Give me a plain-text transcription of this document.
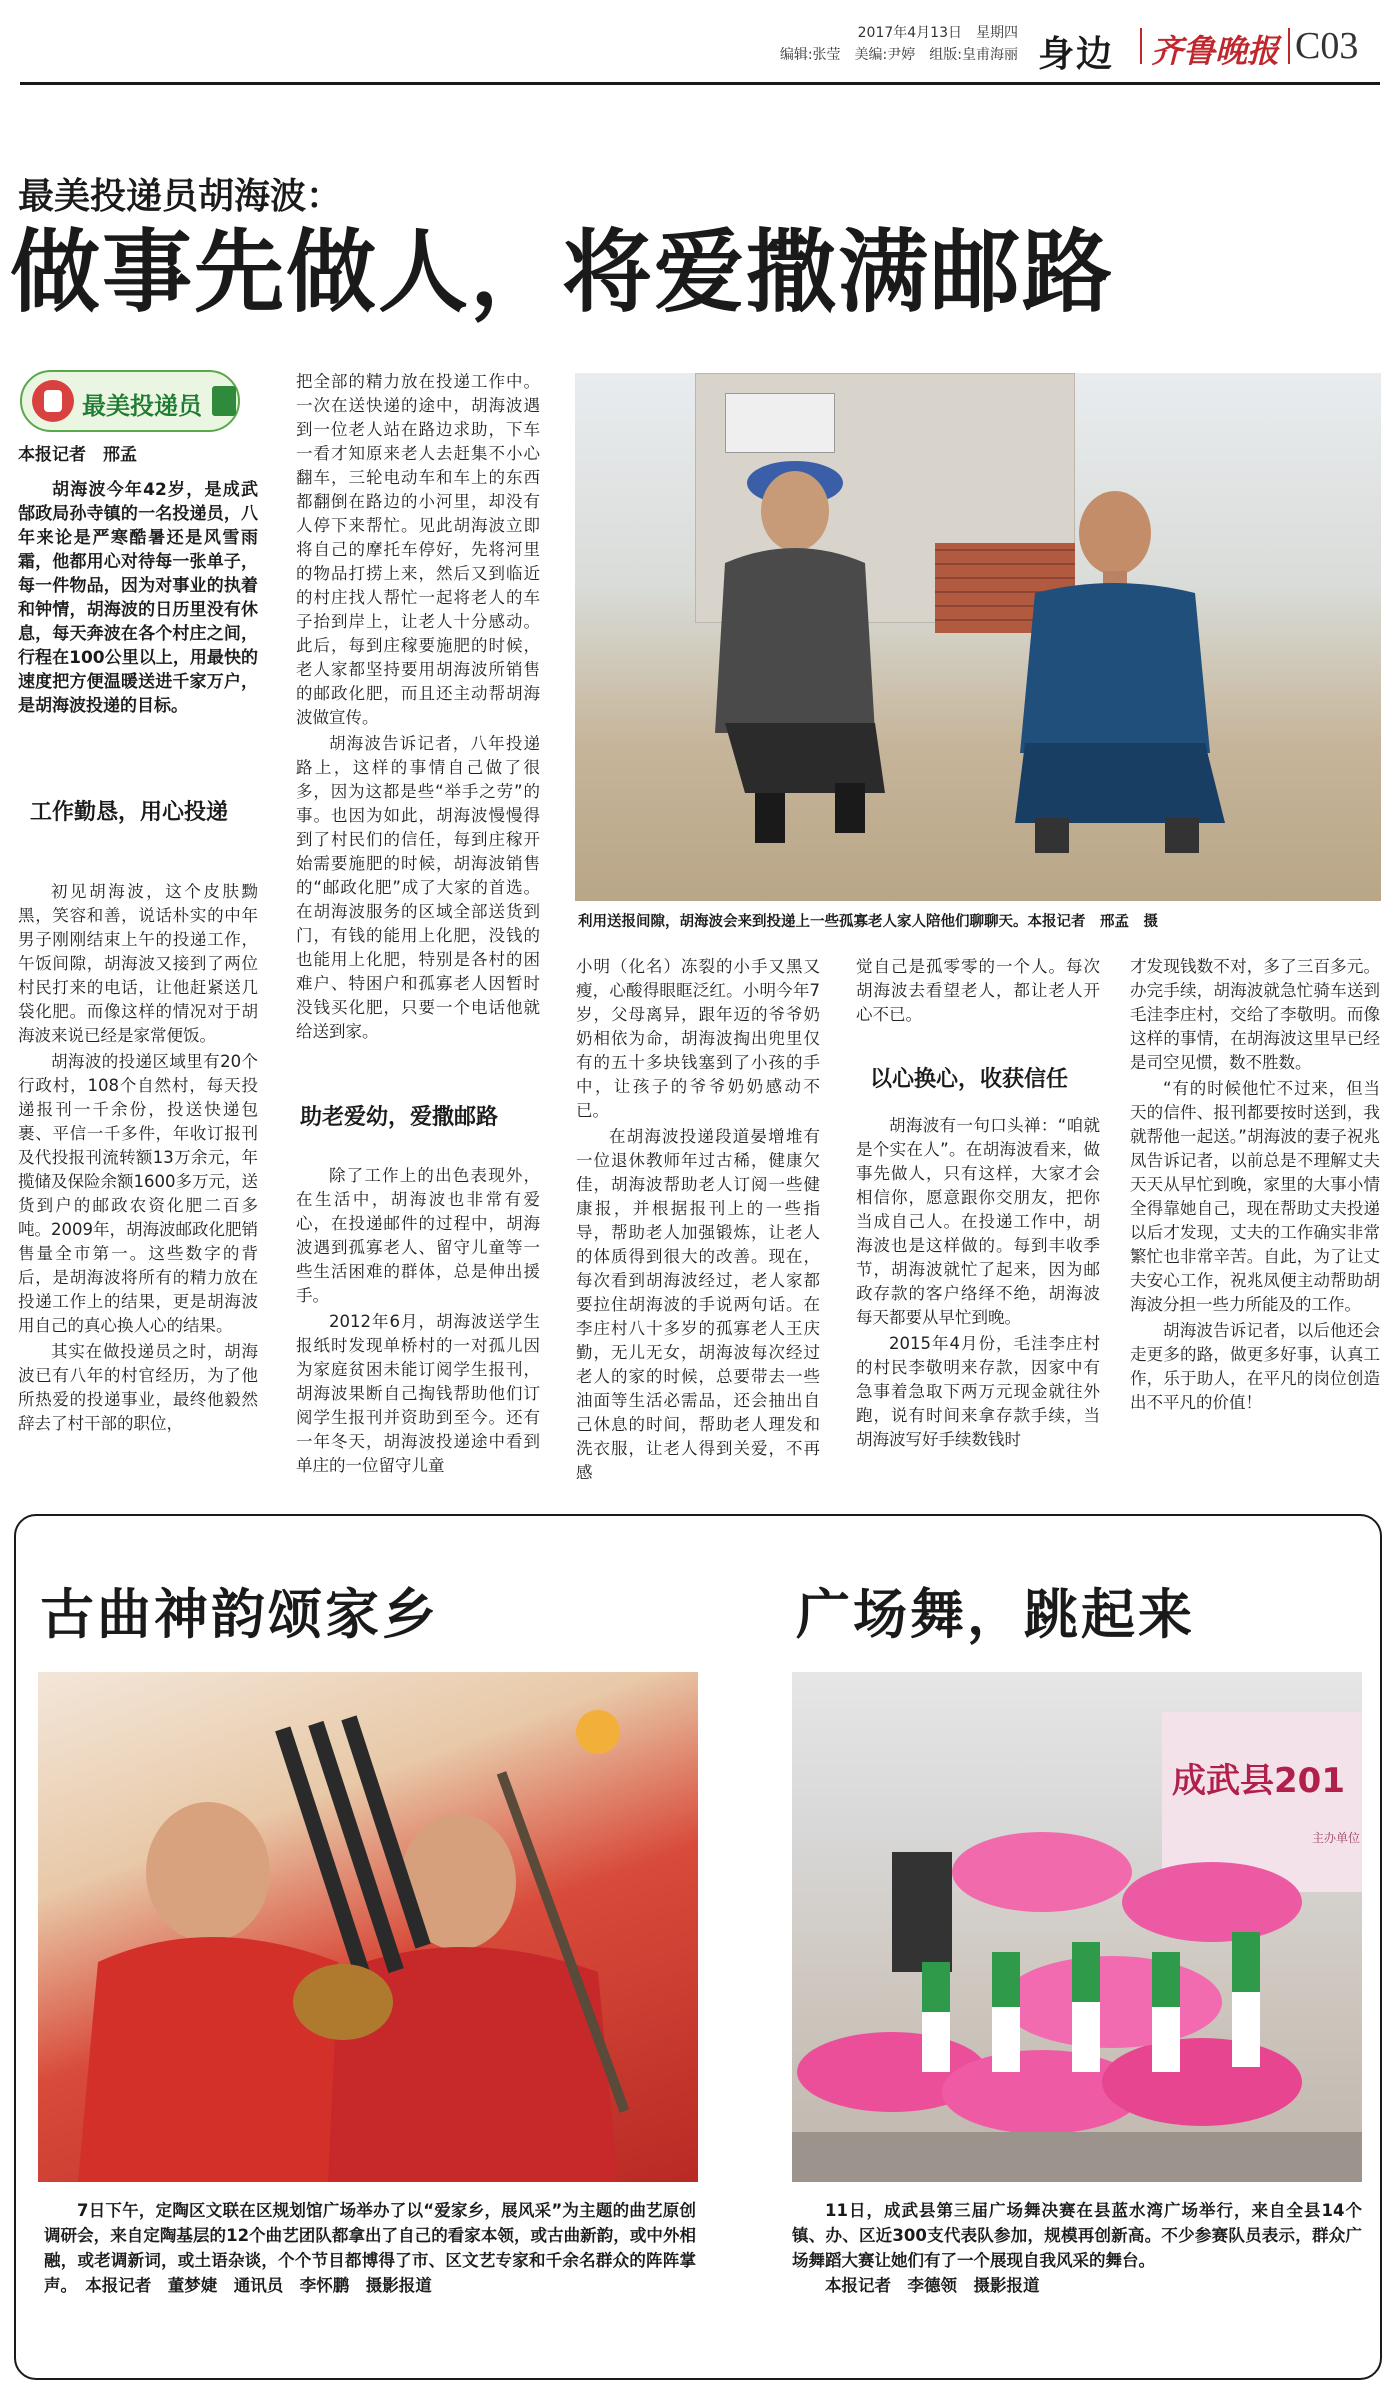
2017年4月13日　星期四
编辑:张莹　美编:尹婷　组版:皇甫海丽 身边 齐鲁晚报 C03
最美投递员胡海波：
做事先做人，将爱撒满邮路
最美投递员
本报记者　邢孟

胡海波今年42岁，是成武郜政局孙寺镇的一名投递员，八年来论是严寒酷暑还是风雪雨霜，他都用心对待每一张单子，每一件物品，因为对事业的执着和钟情，胡海波的日历里没有休息，每天奔波在各个村庄之间，行程在100公里以上，用最快的速度把方便温暖送进千家万户，是胡海波投递的目标。

工作勤恳，用心投递

初见胡海波，这个皮肤黝黑，笑容和善，说话朴实的中年男子刚刚结束上午的投递工作，午饭间隙，胡海波又接到了两位村民打来的电话，让他赶紧送几袋化肥。而像这样的情况对于胡海波来说已经是家常便饭。

胡海波的投递区域里有20个行政村，108个自然村，每天投递报刊一千余份，投送快递包裹、平信一千多件，年收订报刊及代投报刊流转额13万余元，年揽储及保险余额1600多万元，送货到户的邮政农资化肥二百多吨。2009年，胡海波邮政化肥销售量全市第一。这些数字的背后，是胡海波将所有的精力放在投递工作上的结果，更是胡海波用自己的真心换人心的结果。

其实在做投递员之时，胡海波已有八年的村官经历，为了他所热爱的投递事业，最终他毅然辞去了村干部的职位，

把全部的精力放在投递工作中。一次在送快递的途中，胡海波遇到一位老人站在路边求助，下车一看才知原来老人去赶集不小心翻车，三轮电动车和车上的东西都翻倒在路边的小河里，却没有人停下来帮忙。见此胡海波立即将自己的摩托车停好，先将河里的物品打捞上来，然后又到临近的村庄找人帮忙一起将老人的车子抬到岸上，让老人十分感动。此后，每到庄稼要施肥的时候，老人家都坚持要用胡海波所销售的邮政化肥，而且还主动帮胡海波做宣传。

胡海波告诉记者，八年投递路上，这样的事情自己做了很多，因为这都是些“举手之劳”的事。也因为如此，胡海波慢慢得到了村民们的信任，每到庄稼开始需要施肥的时候，胡海波销售的“邮政化肥”成了大家的首选。在胡海波服务的区域全部送货到门，有钱的能用上化肥，没钱的也能用上化肥，特别是各村的困难户、特困户和孤寡老人因暂时没钱买化肥，只要一个电话他就给送到家。

助老爱幼，爱撒邮路

除了工作上的出色表现外，在生活中，胡海波也非常有爱心，在投递邮件的过程中，胡海波遇到孤寡老人、留守儿童等一些生活困难的群体，总是伸出援手。

2012年6月，胡海波送学生报纸时发现单桥村的一对孤儿因为家庭贫困未能订阅学生报刊，胡海波果断自己掏钱帮助他们订阅学生报刊并资助到至今。还有一年冬天，胡海波投递途中看到单庄的一位留守儿童

利用送报间隙，胡海波会来到投递上一些孤寡老人家人陪他们聊聊天。本报记者　邢孟　摄

小明（化名）冻裂的小手又黑又瘦，心酸得眼眶泛红。小明今年7岁，父母离异，跟年迈的爷爷奶奶相依为命，胡海波掏出兜里仅有的五十多块钱塞到了小孩的手中，让孩子的爷爷奶奶感动不已。

在胡海波投递段道晏增堆有一位退休教师年过古稀，健康欠佳，胡海波帮助老人订阅一些健康报，并根据报刊上的一些指导，帮助老人加强锻炼，让老人的体质得到很大的改善。现在，每次看到胡海波经过，老人家都要拉住胡海波的手说两句话。在李庄村八十多岁的孤寡老人王庆勤，无儿无女，胡海波每次经过老人的家的时候，总要带去一些油面等生活必需品，还会抽出自己休息的时间，帮助老人理发和洗衣服，让老人得到关爱，不再感

觉自己是孤零零的一个人。每次胡海波去看望老人，都让老人开心不已。

以心换心，收获信任

胡海波有一句口头禅：“咱就是个实在人”。在胡海波看来，做事先做人，只有这样，大家才会相信你，愿意跟你交朋友，把你当成自己人。在投递工作中，胡海波也是这样做的。每到丰收季节，胡海波就忙了起来，因为邮政存款的客户络绎不绝，胡海波每天都要从早忙到晚。

2015年4月份，毛洼李庄村的村民李敬明来存款，因家中有急事着急取下两万元现金就往外跑，说有时间来拿存款手续，当胡海波写好手续数钱时

才发现钱数不对，多了三百多元。办完手续，胡海波就急忙骑车送到毛洼李庄村，交给了李敬明。而像这样的事情，在胡海波这里早已经是司空见惯，数不胜数。

“有的时候他忙不过来，但当天的信件、报刊都要按时送到，我就帮他一起送。”胡海波的妻子祝兆凤告诉记者，以前总是不理解丈夫天天从早忙到晚，家里的大事小情全得靠她自己，现在帮助丈夫投递以后才发现，丈夫的工作确实非常繁忙也非常辛苦。自此，为了让丈夫安心工作，祝兆凤便主动帮助胡海波分担一些力所能及的工作。

胡海波告诉记者，以后他还会走更多的路，做更多好事，认真工作，乐于助人，在平凡的岗位创造出不平凡的价值！

古曲神韵颂家乡	广场舞，跳起来
成武县201
主办单位

7日下午，定陶区文联在区规划馆广场举办了以“爱家乡，展风采”为主题的曲艺原创调研会，来自定陶基层的12个曲艺团队都拿出了自己的看家本领，或古曲新韵，或中外相融，或老调新词，或土语杂谈，个个节目都博得了市、区文艺专家和千余名群众的阵阵掌声。　本报记者　董梦婕　通讯员　李怀鹏　摄影报道

11日，成武县第三届广场舞决赛在县蓝水湾广场举行，来自全县14个镇、办、区近300支代表队参加，规模再创新高。不少参赛队员表示，群众广场舞蹈大赛让她们有了一个展现自我风采的舞台。

本报记者　李德领　摄影报道
